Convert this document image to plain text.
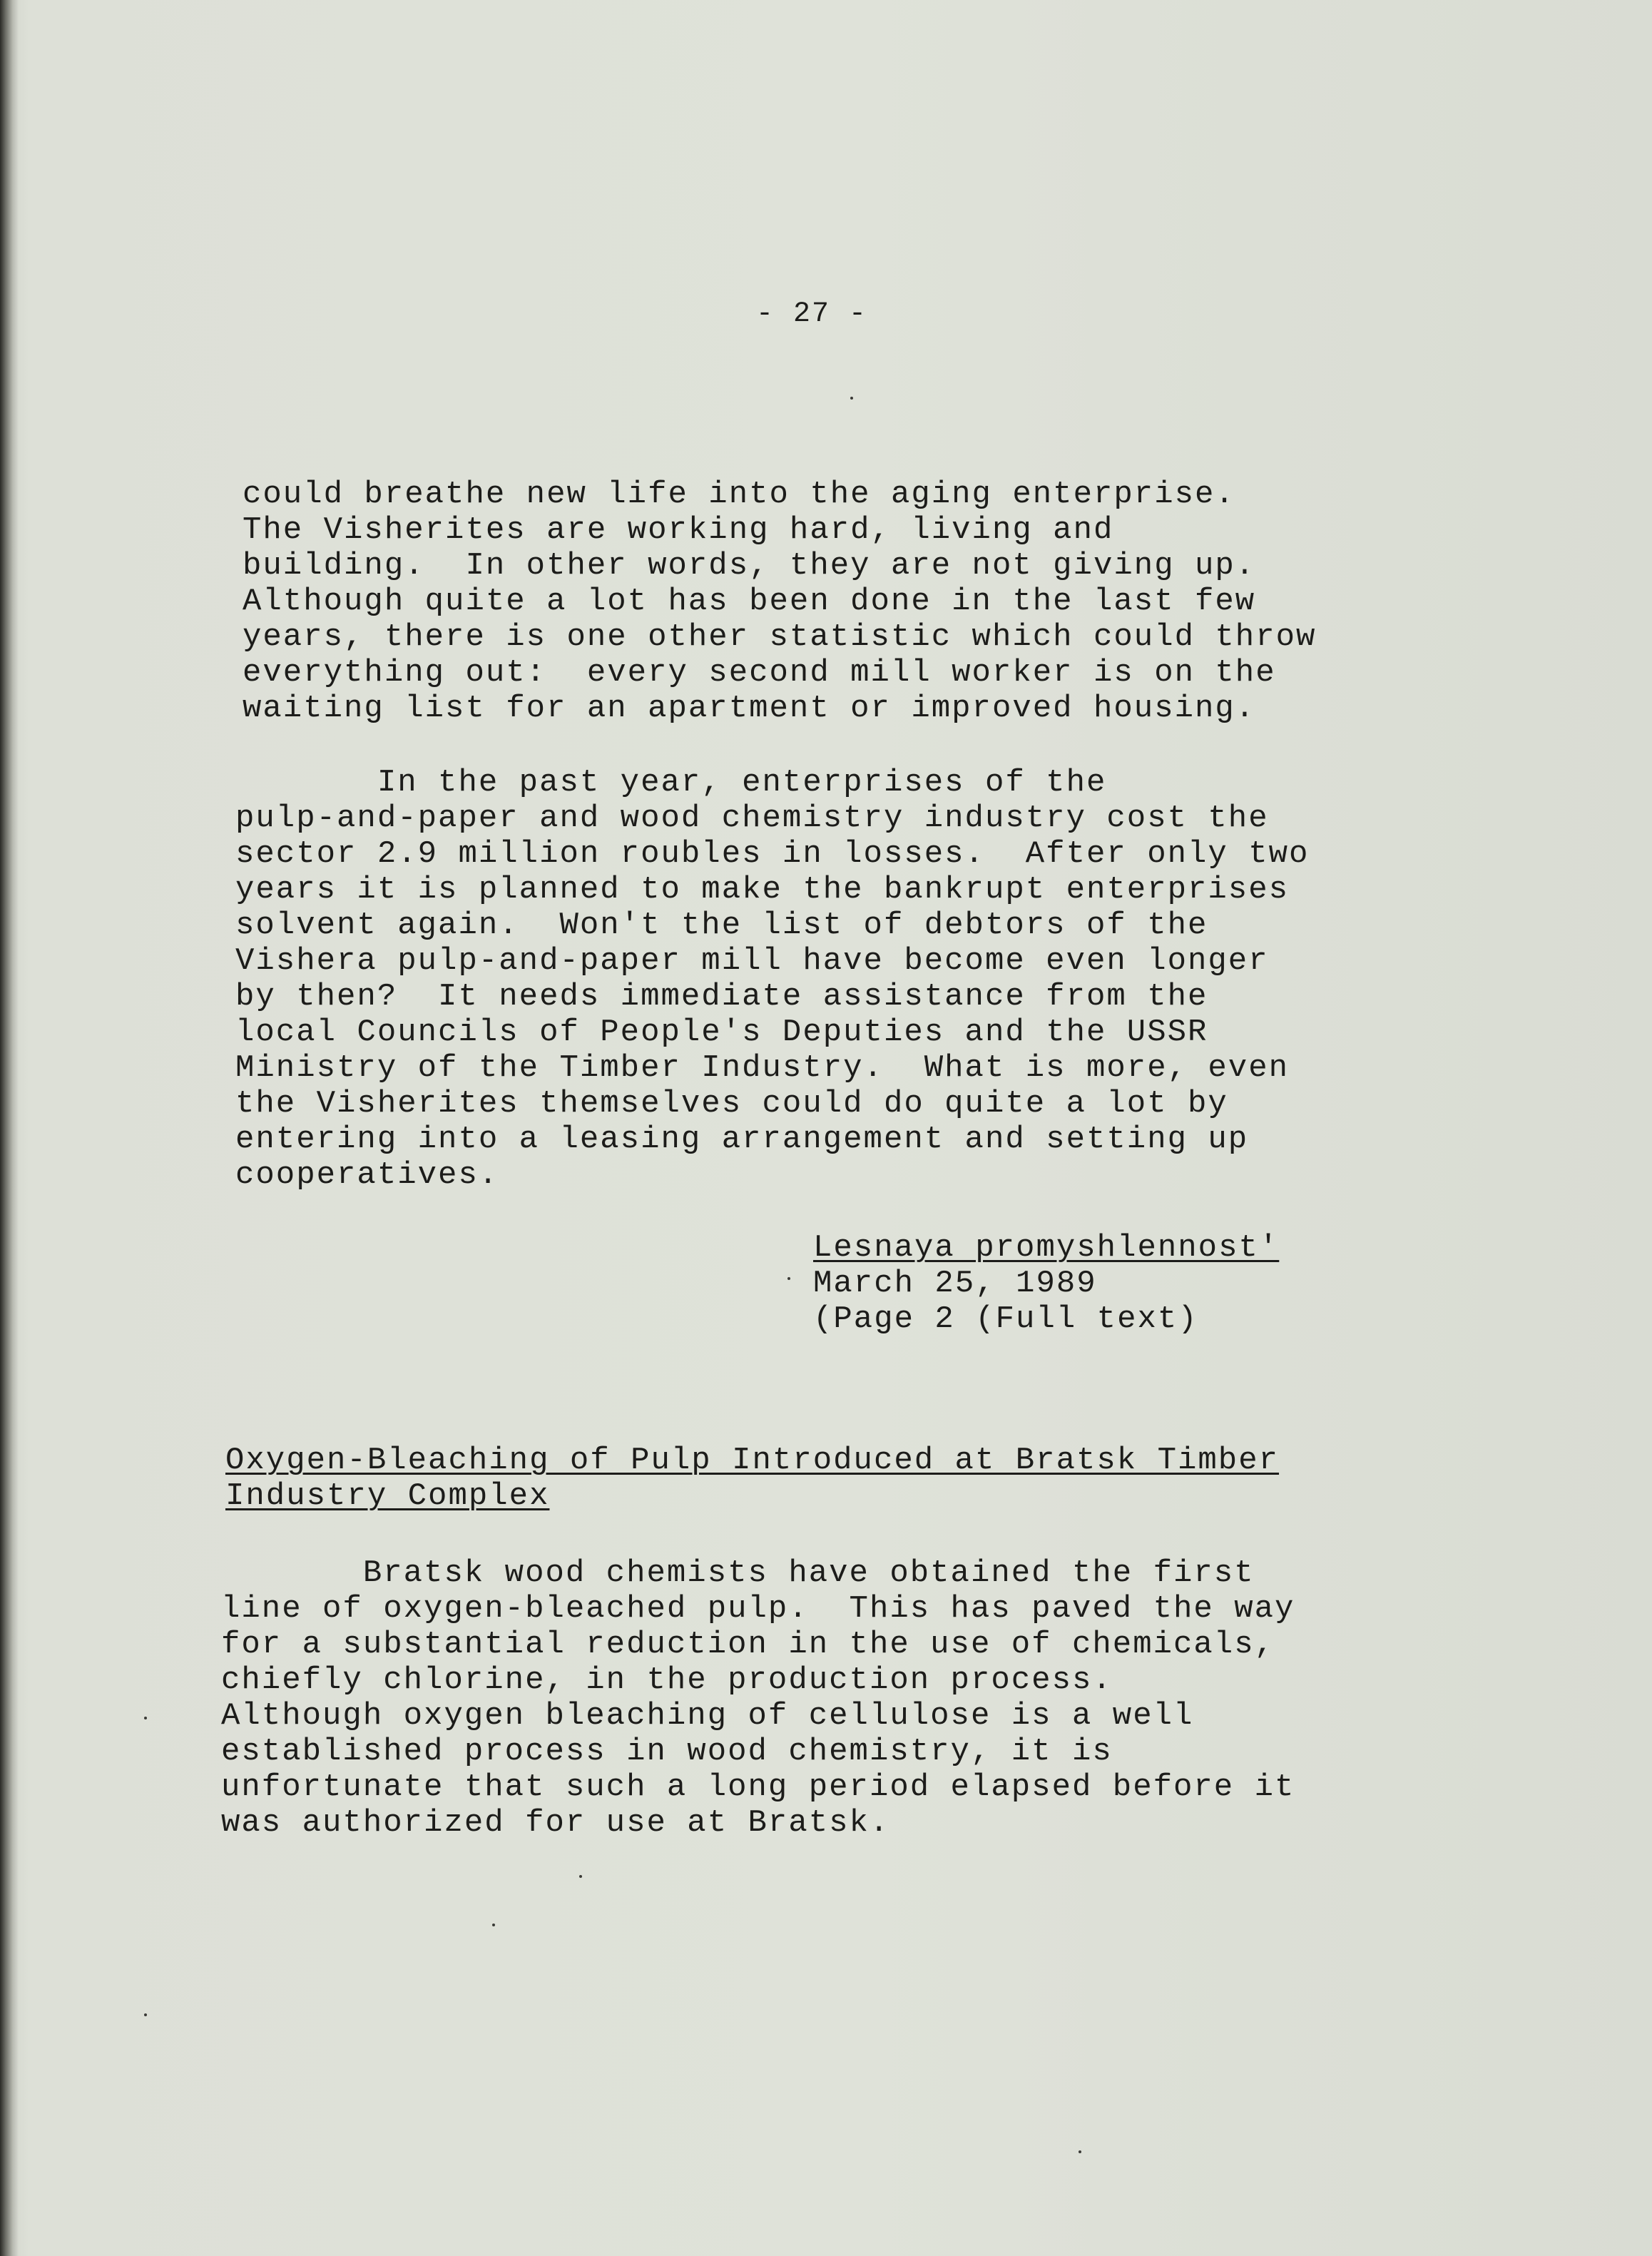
- 27 -

could breathe new life into the aging enterprise.

The Visherites are working hard, living and

building.  In other words, they are not giving up.

Although quite a lot has been done in the last few

years, there is one other statistic which could throw

everything out:  every second mill worker is on the

waiting list for an apartment or improved housing.

In the past year, enterprises of the

pulp-and-paper and wood chemistry industry cost the

sector 2.9 million roubles in losses.  After only two

years it is planned to make the bankrupt enterprises

solvent again.  Won't the list of debtors of the

Vishera pulp-and-paper mill have become even longer

by then?  It needs immediate assistance from the

local Councils of People's Deputies and the USSR

Ministry of the Timber Industry.  What is more, even

the Visherites themselves could do quite a lot by

entering into a leasing arrangement and setting up

cooperatives.

Lesnaya promyshlennost'

March 25, 1989

(Page 2 (Full text)

Oxygen-Bleaching of Pulp Introduced at Bratsk Timber

Industry Complex

Bratsk wood chemists have obtained the first

line of oxygen-bleached pulp.  This has paved the way

for a substantial reduction in the use of chemicals,

chiefly chlorine, in the production process.

Although oxygen bleaching of cellulose is a well

established process in wood chemistry, it is

unfortunate that such a long period elapsed before it

was authorized for use at Bratsk.
